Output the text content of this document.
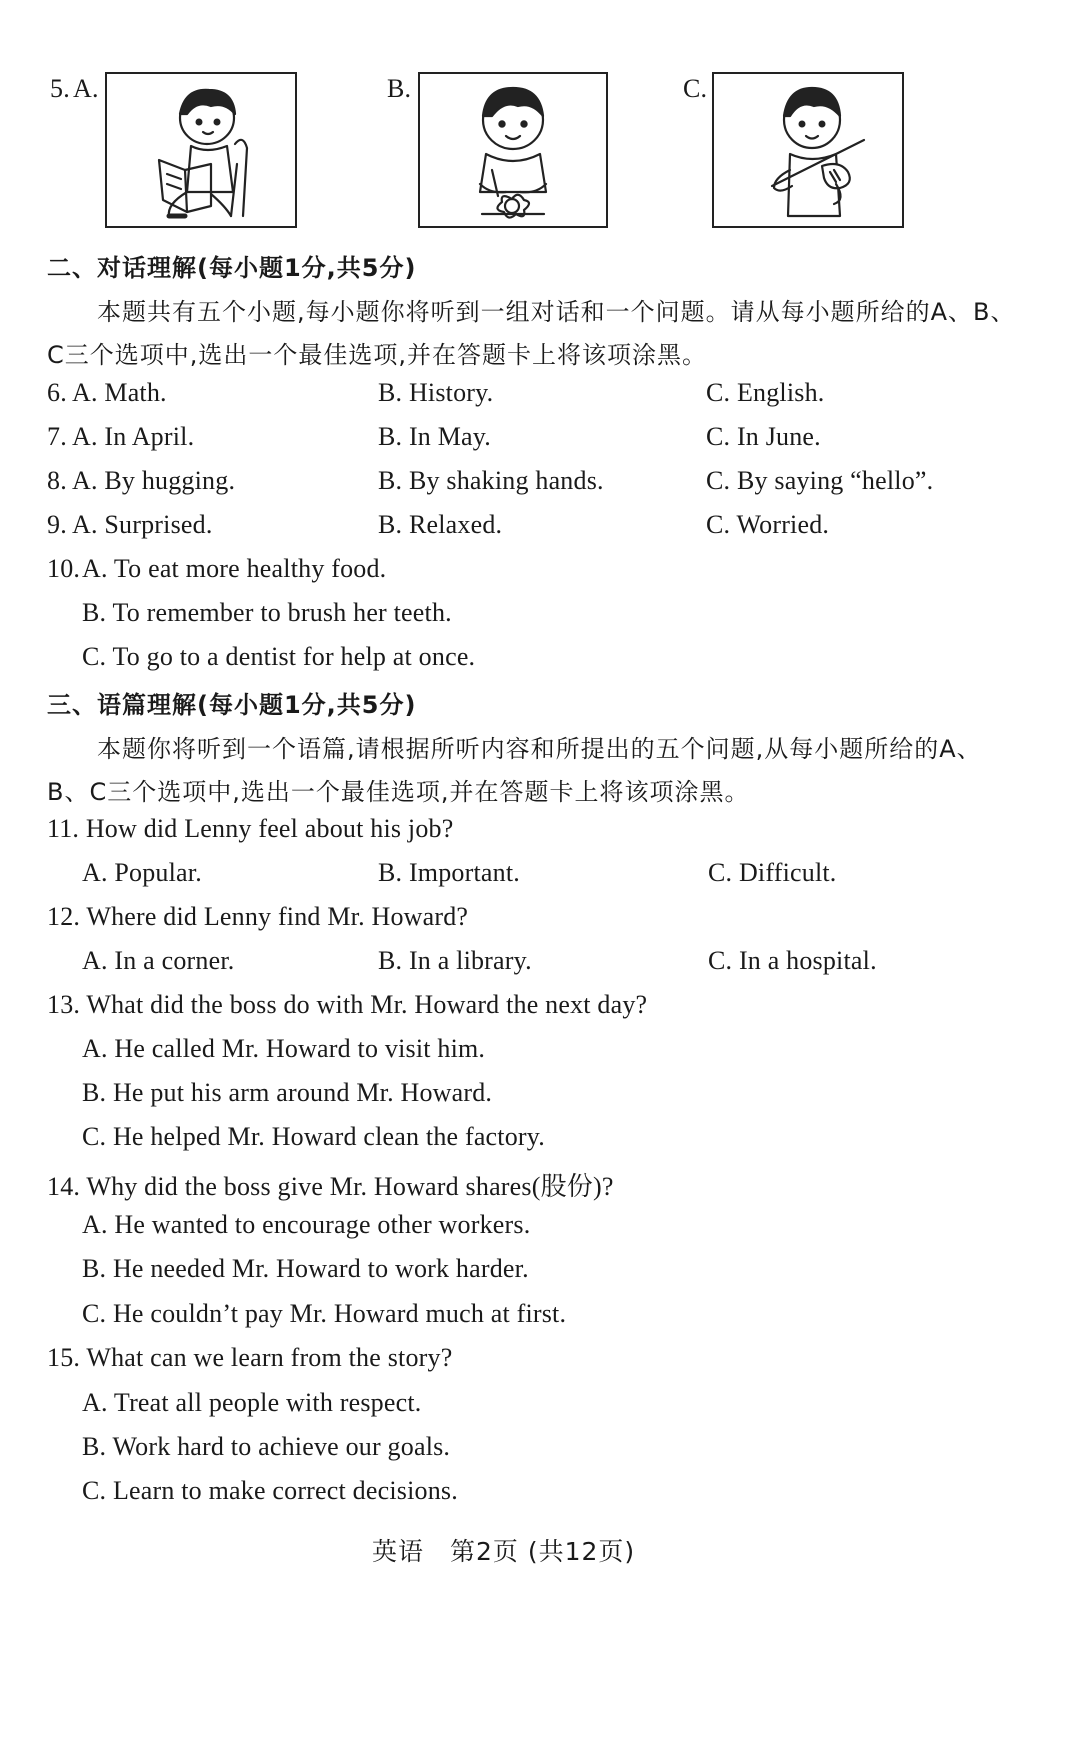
5. A.	B.	C.
二、对话理解(每小题1分,共5分)
本题共有五个小题,每小题你将听到一组对话和一个问题。请从每小题所给的A、B、
C三个选项中,选出一个最佳选项,并在答题卡上将该项涂黑。
6. A. Math.	B. History.	C. English.
7. A. In April.	B. In May.	C. In June.
8. A. By hugging.	B. By shaking hands.	C. By saying “hello”.
9. A. Surprised.	B. Relaxed.	C. Worried.
10. A. To eat more healthy food.
B. To remember to brush her teeth.
C. To go to a dentist for help at once.
三、语篇理解(每小题1分,共5分)
本题你将听到一个语篇,请根据所听内容和所提出的五个问题,从每小题所给的A、
B、C三个选项中,选出一个最佳选项,并在答题卡上将该项涂黑。
11. How did Lenny feel about his job?
A. Popular.	B. Important.	C. Difficult.
12. Where did Lenny find Mr. Howard?
A. In a corner.	B. In a library.	C. In a hospital.
13. What did the boss do with Mr. Howard the next day?
A. He called Mr. Howard to visit him.
B. He put his arm around Mr. Howard.
C. He helped Mr. Howard clean the factory.
14. Why did the boss give Mr. Howard shares(股份)?
A. He wanted to encourage other workers.
B. He needed Mr. Howard to work harder.
C. He couldn’t pay Mr. Howard much at first.
15. What can we learn from the story?
A. Treat all people with respect.
B. Work hard to achieve our goals.
C. Learn to make correct decisions.
英语　第2页 (共12页)
